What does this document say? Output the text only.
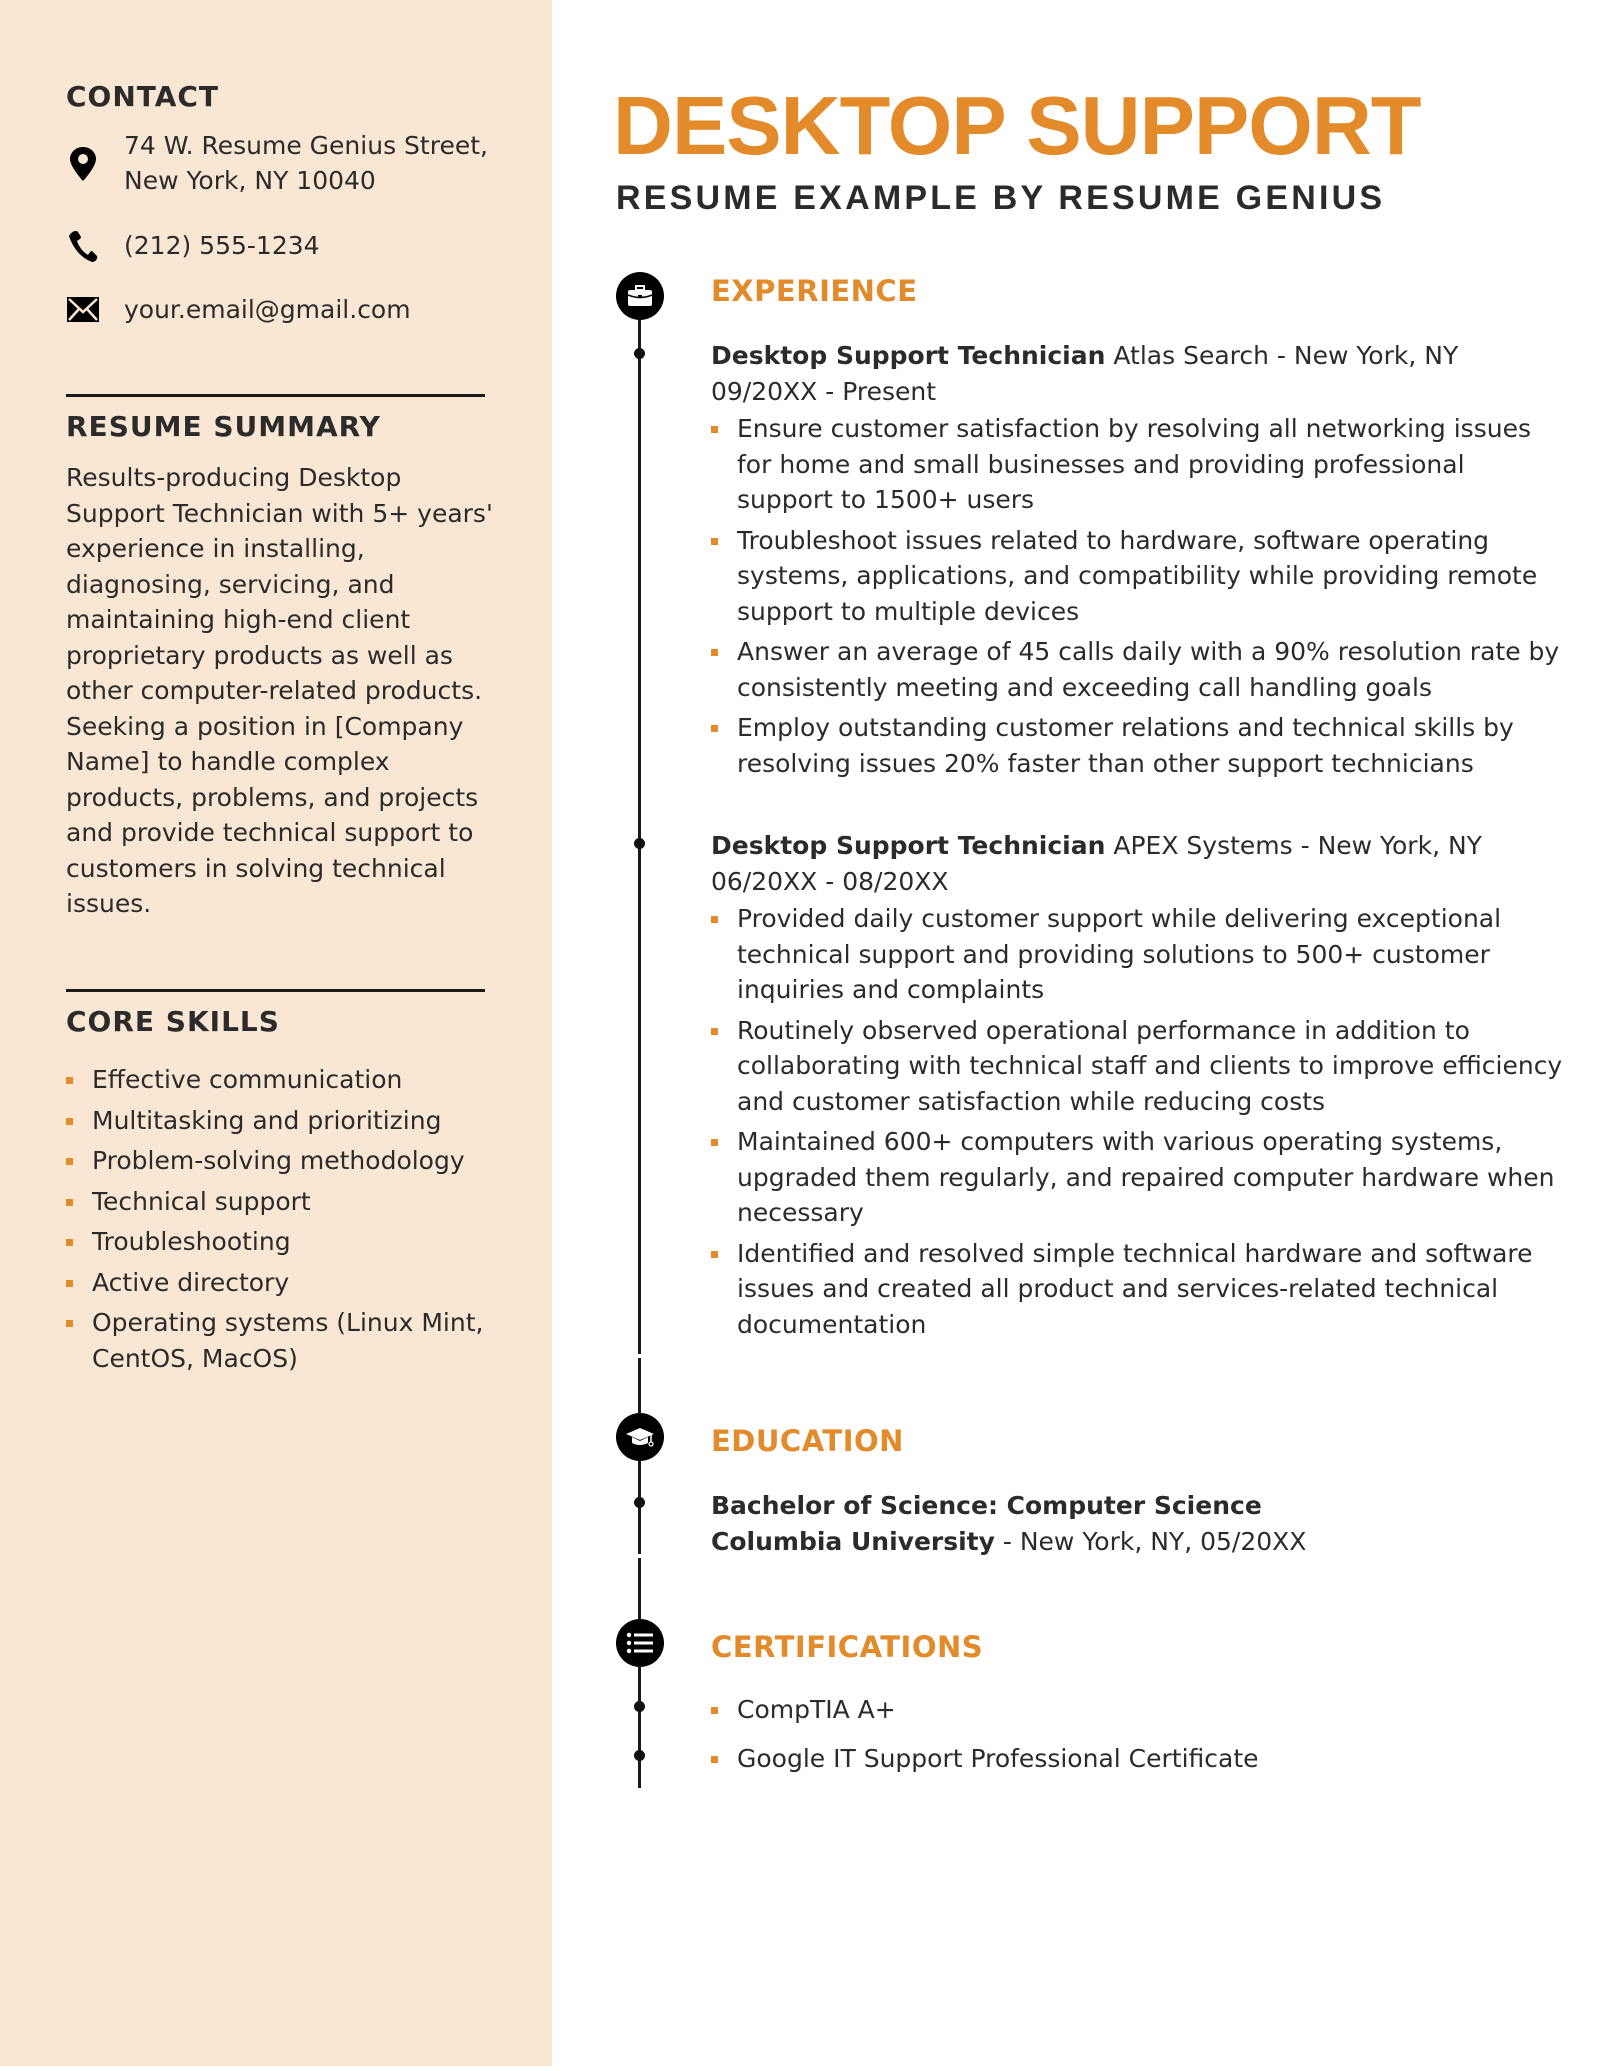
CONTACT
74 W. Resume Genius Street,
New York, NY 10040
(212) 555-1234
your.email@gmail.com
RESUME SUMMARY
Results-producing Desktop
Support Technician with 5+ years'
experience in installing,
diagnosing, servicing, and
maintaining high-end client
proprietary products as well as
other computer-related products.
Seeking a position in [Company
Name] to handle complex
products, problems, and projects
and provide technical support to
customers in solving technical
issues.
CORE SKILLS
Effective communication
Multitasking and prioritizing
Problem-solving methodology
Technical support
Troubleshooting
Active directory
Operating systems (Linux Mint,
CentOS, MacOS)
DESKTOP SUPPORT
RESUME EXAMPLE BY RESUME GENIUS
EXPERIENCE
Desktop Support Technician Atlas Search - New York, NY
09/20XX - Present
Ensure customer satisfaction by resolving all networking issues
for home and small businesses and providing professional
support to 1500+ users
Troubleshoot issues related to hardware, software operating
systems, applications, and compatibility while providing remote
support to multiple devices
Answer an average of 45 calls daily with a 90% resolution rate by
consistently meeting and exceeding call handling goals
Employ outstanding customer relations and technical skills by
resolving issues 20% faster than other support technicians
Desktop Support Technician APEX Systems - New York, NY
06/20XX - 08/20XX
Provided daily customer support while delivering exceptional
technical support and providing solutions to 500+ customer
inquiries and complaints
Routinely observed operational performance in addition to
collaborating with technical staff and clients to improve efficiency
and customer satisfaction while reducing costs
Maintained 600+ computers with various operating systems,
upgraded them regularly, and repaired computer hardware when
necessary
Identified and resolved simple technical hardware and software
issues and created all product and services-related technical
documentation
EDUCATION
Bachelor of Science: Computer Science
Columbia University - New York, NY, 05/20XX
CERTIFICATIONS
CompTIA A+
Google IT Support Professional Certificate
